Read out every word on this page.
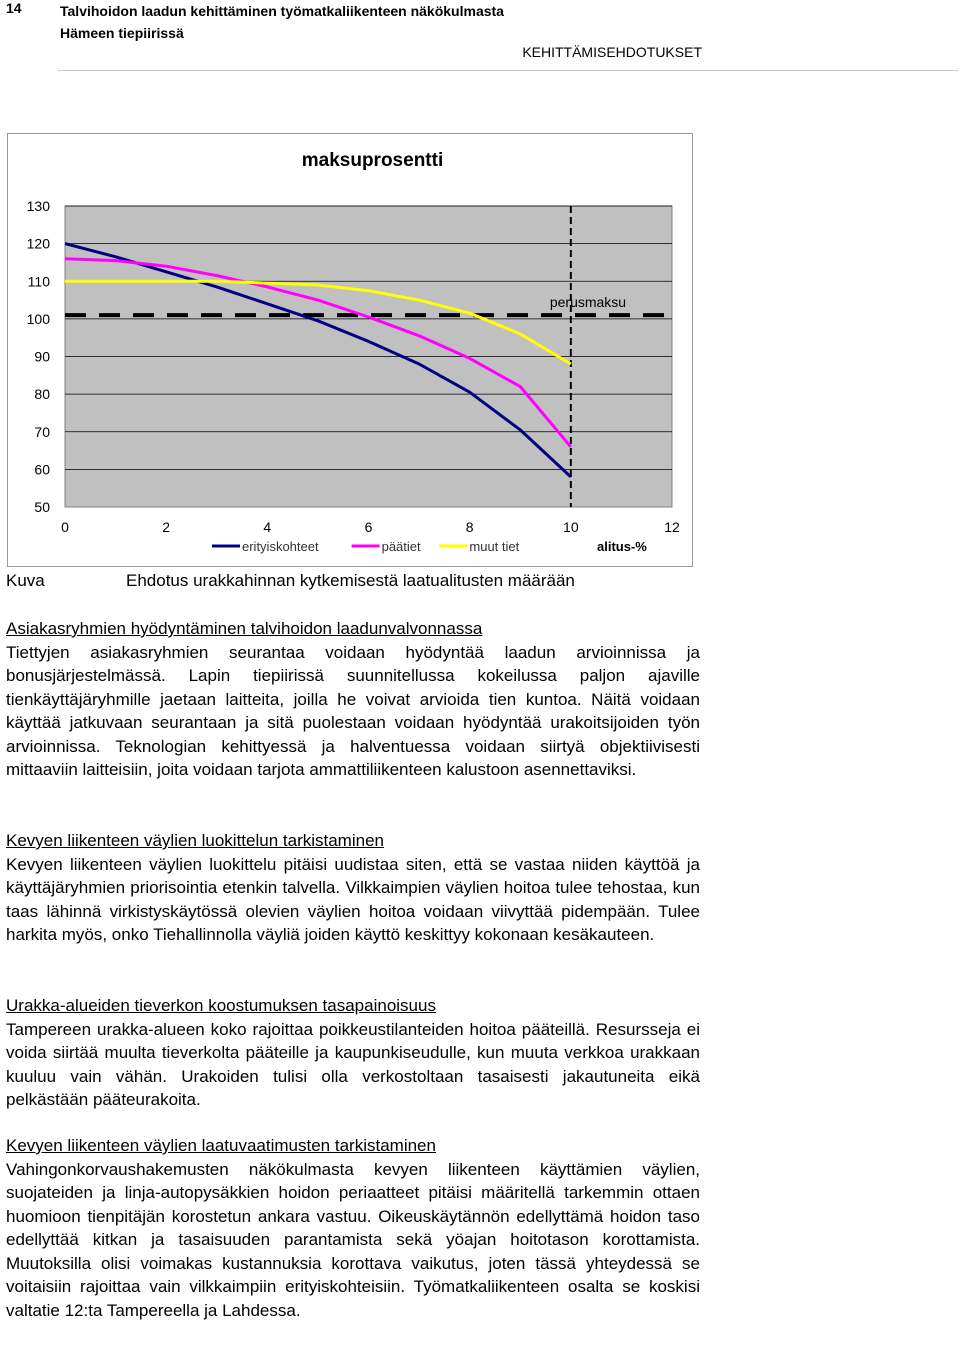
14	Talvihoidon laadun kehittäminen työmatkaliikenteen näkökulmasta
Hämeen tiepiirissä
KEHITTÄMISEHDOTUKSET
maksuprosentti
50
60
70
80
90
100
110
120
130
0	2	4	6	8	10	12
perusmaksu
erityiskohteet	päätiet	muut tiet	alitus-%
Kuva	Ehdotus urakkahinnan kytkemisestä laatualitusten määrään
Asiakasryhmien hyödyntäminen talvihoidon laadunvalvonnassa

Tiettyjen asiakasryhmien seurantaa voidaan hyödyntää laadun arvioinnissa ja bonusjärjestelmässä. Lapin tiepiirissä suunnitellussa kokeilussa paljon ajaville tienkäyttäjäryhmille jaetaan laitteita, joilla he voivat arvioida tien kuntoa. Näitä voidaan käyttää jatkuvaan seurantaan ja sitä puolestaan voidaan hyödyntää urakoitsijoiden työn arvioinnissa. Teknologian kehittyessä ja halventuessa voidaan siirtyä objektiivisesti mittaaviin laitteisiin, joita voidaan tarjota ammattiliikenteen kalustoon asennettaviksi.

Kevyen liikenteen väylien luokittelun tarkistaminen

Kevyen liikenteen väylien luokittelu pitäisi uudistaa siten, että se vastaa niiden käyttöä ja käyttäjäryhmien priorisointia etenkin talvella. Vilkkaimpien väylien hoitoa tulee tehostaa, kun taas lähinnä virkistyskäytössä olevien väylien hoitoa voidaan viivyttää pidempään. Tulee harkita myös, onko Tiehallinnolla väyliä joiden käyttö keskittyy kokonaan kesäkauteen.

Urakka-alueiden tieverkon koostumuksen tasapainoisuus

Tampereen urakka-alueen koko rajoittaa poikkeustilanteiden hoitoa pääteillä. Resursseja ei voida siirtää muulta tieverkolta pääteille ja kaupunkiseudulle, kun muuta verkkoa urakkaan kuuluu vain vähän. Urakoiden tulisi olla verkostoltaan tasaisesti jakautuneita eikä pelkästään pääteurakoita.

Kevyen liikenteen väylien laatuvaatimusten tarkistaminen

Vahingonkorvaushakemusten näkökulmasta kevyen liikenteen käyttämien väylien, suojateiden ja linja-autopysäkkien hoidon periaatteet pitäisi määritellä tarkemmin ottaen huomioon tienpitäjän korostetun ankara vastuu. Oikeuskäytännön edellyttämä hoidon taso edellyttää kitkan ja tasaisuuden parantamista sekä yöajan hoitotason korottamista. Muutoksilla olisi voimakas kustannuksia korottava vaikutus, joten tässä yhteydessä se voitaisiin rajoittaa vain vilkkaimpiin erityiskohteisiin. Työmatkaliikenteen osalta se koskisi valtatie 12:ta Tampereella ja Lahdessa.
